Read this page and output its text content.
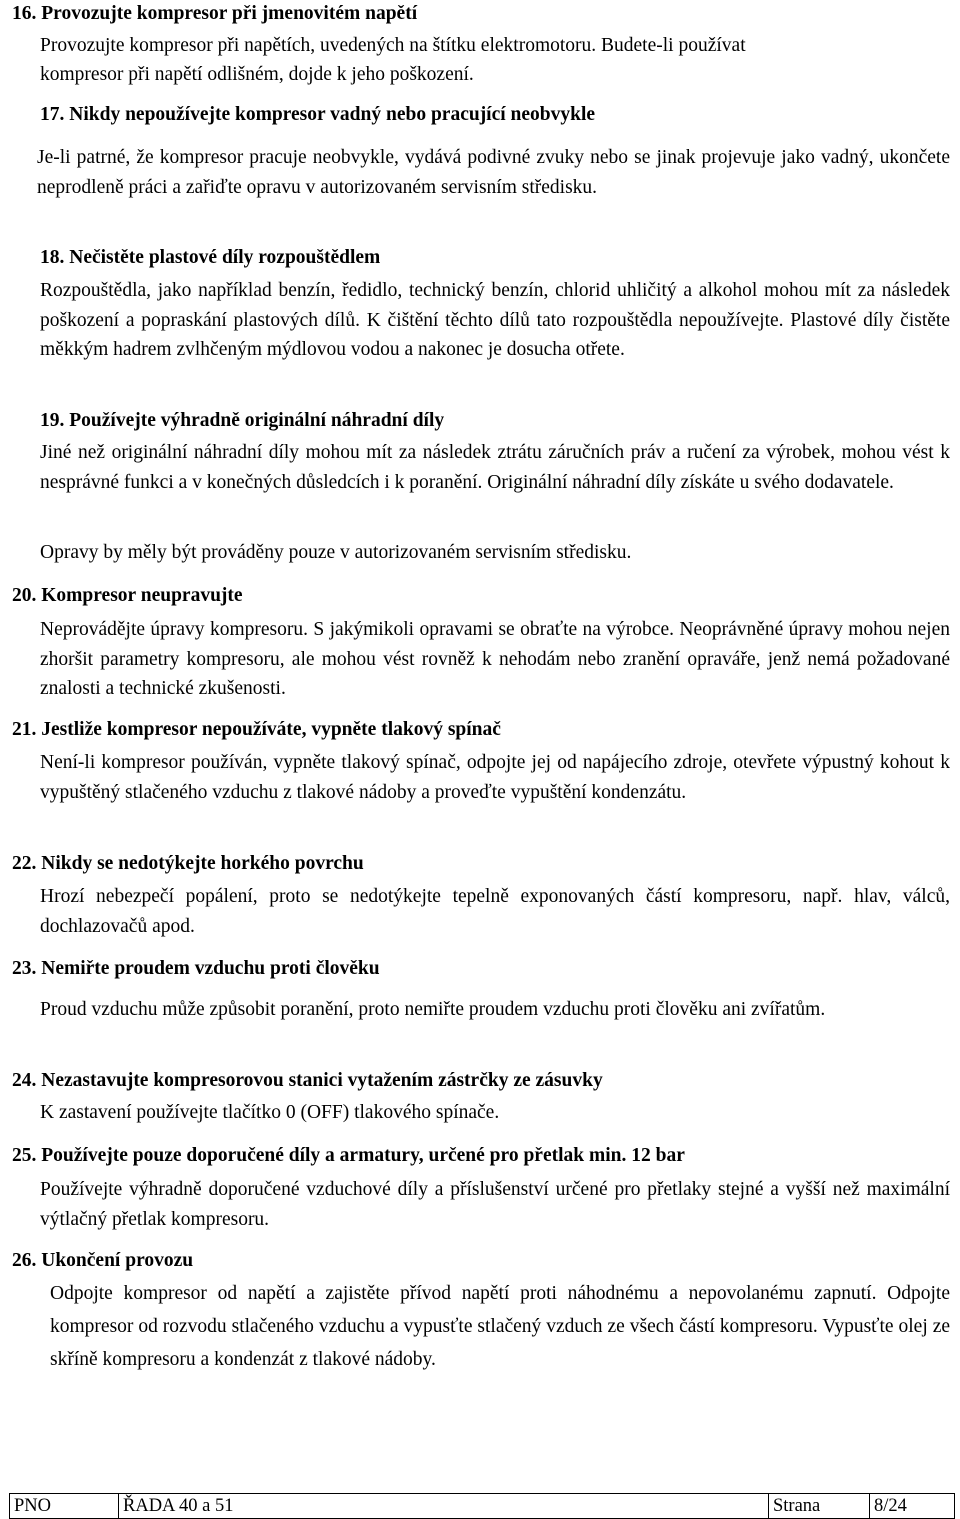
16. Provozujte kompresor při jmenovitém napětí
Provozujte kompresor při napětích, uvedených na štítku elektromotoru. Budete-li používat
kompresor při napětí odlišném, dojde k jeho poškození.
17. Nikdy nepoužívejte kompresor vadný nebo pracující neobvykle
Je-li patrné, že kompresor pracuje neobvykle, vydává podivné zvuky nebo se jinak projevuje jako vadný, ukončete neprodleně práci a zařiďte opravu v autorizovaném servisním středisku.
18. Nečistěte plastové díly rozpouštědlem
Rozpouštědla, jako například benzín, ředidlo, technický benzín, chlorid uhličitý a alkohol mohou mít za následek poškození a popraskání plastových dílů. K čištění těchto dílů tato rozpouštědla nepoužívejte. Plastové díly čistěte měkkým hadrem zvlhčeným mýdlovou vodou a nakonec je dosucha otřete.
19. Používejte výhradně originální náhradní díly
Jiné než originální náhradní díly mohou mít za následek ztrátu záručních práv a ručení za výrobek, mohou vést k nesprávné funkci a v konečných důsledcích i k poranění. Originální náhradní díly získáte u svého dodavatele.
Opravy by měly být prováděny pouze v autorizovaném servisním středisku.
20. Kompresor neupravujte
Neprovádějte úpravy kompresoru. S jakýmikoli opravami se obraťte na výrobce. Neoprávněné úpravy mohou nejen zhoršit parametry kompresoru, ale mohou vést rovněž k nehodám nebo zranění opraváře, jenž nemá požadované znalosti a technické zkušenosti.
21. Jestliže kompresor nepoužíváte, vypněte tlakový spínač
Není-li kompresor používán, vypněte tlakový spínač, odpojte jej od napájecího zdroje, otevřete výpustný kohout k vypuštěný stlačeného vzduchu z tlakové nádoby a proveďte vypuštění kondenzátu.
22. Nikdy se nedotýkejte horkého povrchu
Hrozí nebezpečí popálení, proto se nedotýkejte tepelně exponovaných částí kompresoru, např. hlav, válců, dochlazovačů apod.
23. Nemiřte proudem vzduchu proti člověku
Proud vzduchu může způsobit poranění, proto nemiřte proudem vzduchu proti člověku ani zvířatům.
24. Nezastavujte kompresorovou stanici vytažením zástrčky ze zásuvky
K zastavení používejte tlačítko 0 (OFF) tlakového spínače.
25. Používejte pouze doporučené díly a armatury, určené pro přetlak min. 12 bar
Používejte výhradně doporučené vzduchové díly a příslušenství určené pro přetlaky stejné a vyšší než maximální výtlačný přetlak kompresoru.
26. Ukončení provozu
Odpojte kompresor od napětí a zajistěte přívod napětí proti náhodnému a nepovolanému zapnutí. Odpojte kompresor od rozvodu stlačeného vzduchu a vypusťte stlačený vzduch ze všech částí kompresoru. Vypusťte olej ze skříně kompresoru a kondenzát z tlakové nádoby.
PNO	ŘADA 40 a 51	Strana	8/24
